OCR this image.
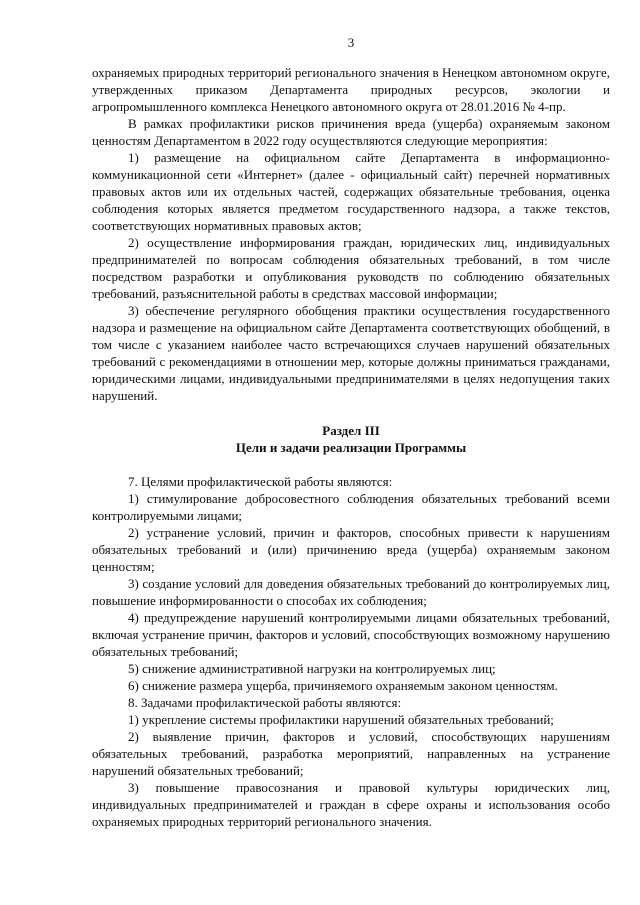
3

охраняемых природных территорий регионального значения в Ненецком автономном округе, утвержденных приказом Департамента природных ресурсов, экологии и агропромышленного комплекса Ненецкого автономного округа от 28.01.2016 № 4-пр.

В рамках профилактики рисков причинения вреда (ущерба) охраняемым законом ценностям Департаментом в 2022 году осуществляются следующие мероприятия:

1) размещение на официальном сайте Департамента в информационно-коммуникационной сети «Интернет» (далее - официальный сайт) перечней нормативных правовых актов или их отдельных частей, содержащих обязательные требования, оценка соблюдения которых является предметом государственного надзора, а также текстов, соответствующих нормативных правовых актов;

2) осуществление информирования граждан, юридических лиц, индивидуальных предпринимателей по вопросам соблюдения обязательных требований, в том числе посредством разработки и опубликования руководств по соблюдению обязательных требований, разъяснительной работы в средствах массовой информации;

3) обеспечение регулярного обобщения практики осуществления государственного надзора и размещение на официальном сайте Департамента соответствующих обобщений, в том числе с указанием наиболее часто встречающихся случаев нарушений обязательных требований с рекомендациями в отношении мер, которые должны приниматься гражданами, юридическими лицами, индивидуальными предпринимателями в целях недопущения таких нарушений.

Раздел III
Цели и задачи реализации Программы

7. Целями профилактической работы являются:

1) стимулирование добросовестного соблюдения обязательных требований всеми контролируемыми лицами;

2) устранение условий, причин и факторов, способных привести к нарушениям обязательных требований и (или) причинению вреда (ущерба) охраняемым законом ценностям;

3) создание условий для доведения обязательных требований до контролируемых лиц, повышение информированности о способах их соблюдения;

4) предупреждение нарушений контролируемыми лицами обязательных требований, включая устранение причин, факторов и условий, способствующих возможному нарушению обязательных требований;

5) снижение административной нагрузки на контролируемых лиц;

6) снижение размера ущерба, причиняемого охраняемым законом ценностям.

8. Задачами профилактической работы являются:

1) укрепление системы профилактики нарушений обязательных требований;

2) выявление причин, факторов и условий, способствующих нарушениям обязательных требований, разработка мероприятий, направленных на устранение нарушений обязательных требований;

3) повышение правосознания и правовой культуры юридических лиц, индивидуальных предпринимателей и граждан в сфере охраны и использования особо охраняемых природных территорий регионального значения.
